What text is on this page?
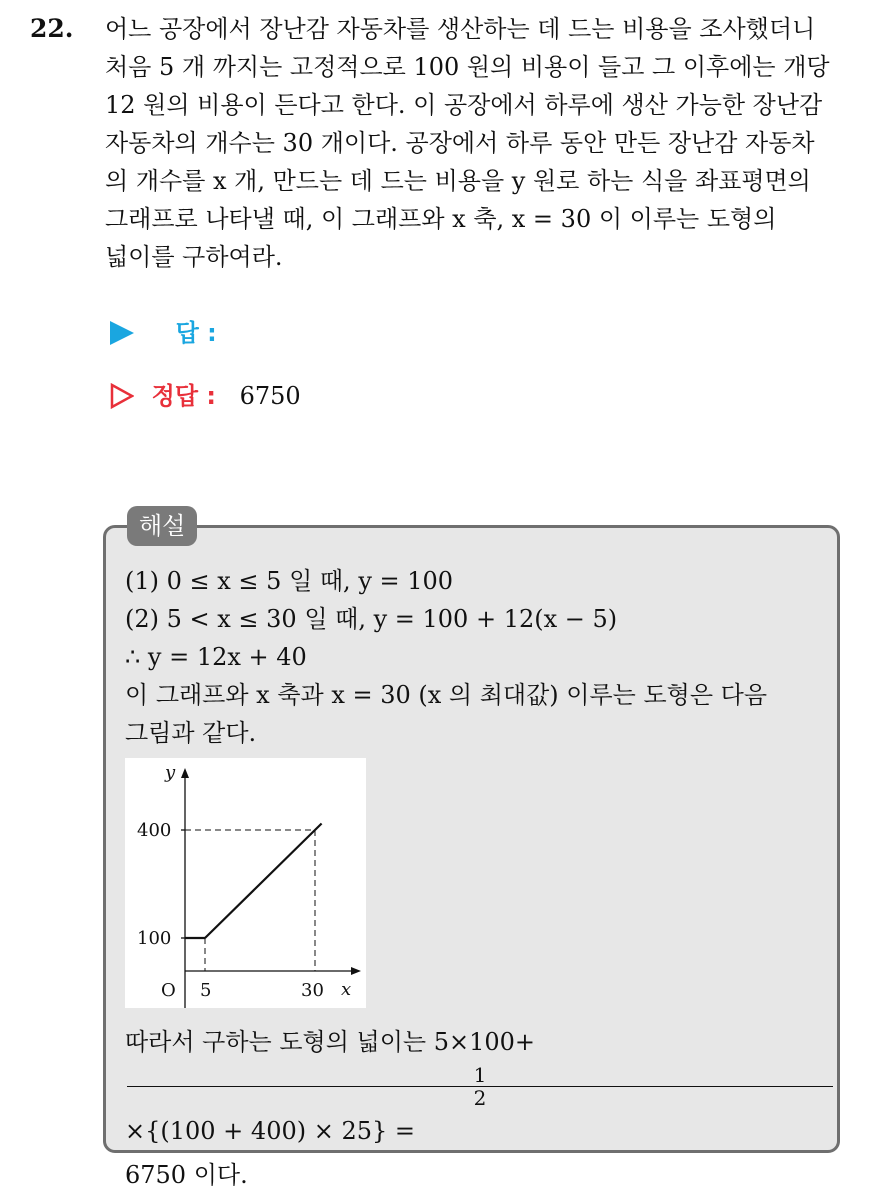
22. 어느 공장에서 장난감 자동차를 생산하는 데 드는 비용을 조사했더니
처음 5 개 까지는 고정적으로 100 원의 비용이 들고 그 이후에는 개당
12 원의 비용이 든다고 한다. 이 공장에서 하루에 생산 가능한 장난감
자동차의 개수는 30 개이다. 공장에서 하루 동안 만든 장난감 자동차
의 개수를 x 개, 만드는 데 드는 비용을 y 원로 하는 식을 좌표평면의
그래프로 나타낼 때, 이 그래프와 x 축, x = 30 이 이루는 도형의
넓이를 구하여라.
답 :
정답 : 6750
해설
(1) 0 ≤ x ≤ 5 일 때, y = 100
(2) 5 < x ≤ 30 일 때, y = 100 + 12(x − 5)
∴ y = 12x + 40
이 그래프와 x 축과 x = 30 (x 의 최대값) 이루는 도형은 다음
그림과 같다.
y
x
O
100
400
5	30
따라서 구하는 도형의 넓이는 5×100+
1
2
×{(100 + 400) × 25} =
6750 이다.
